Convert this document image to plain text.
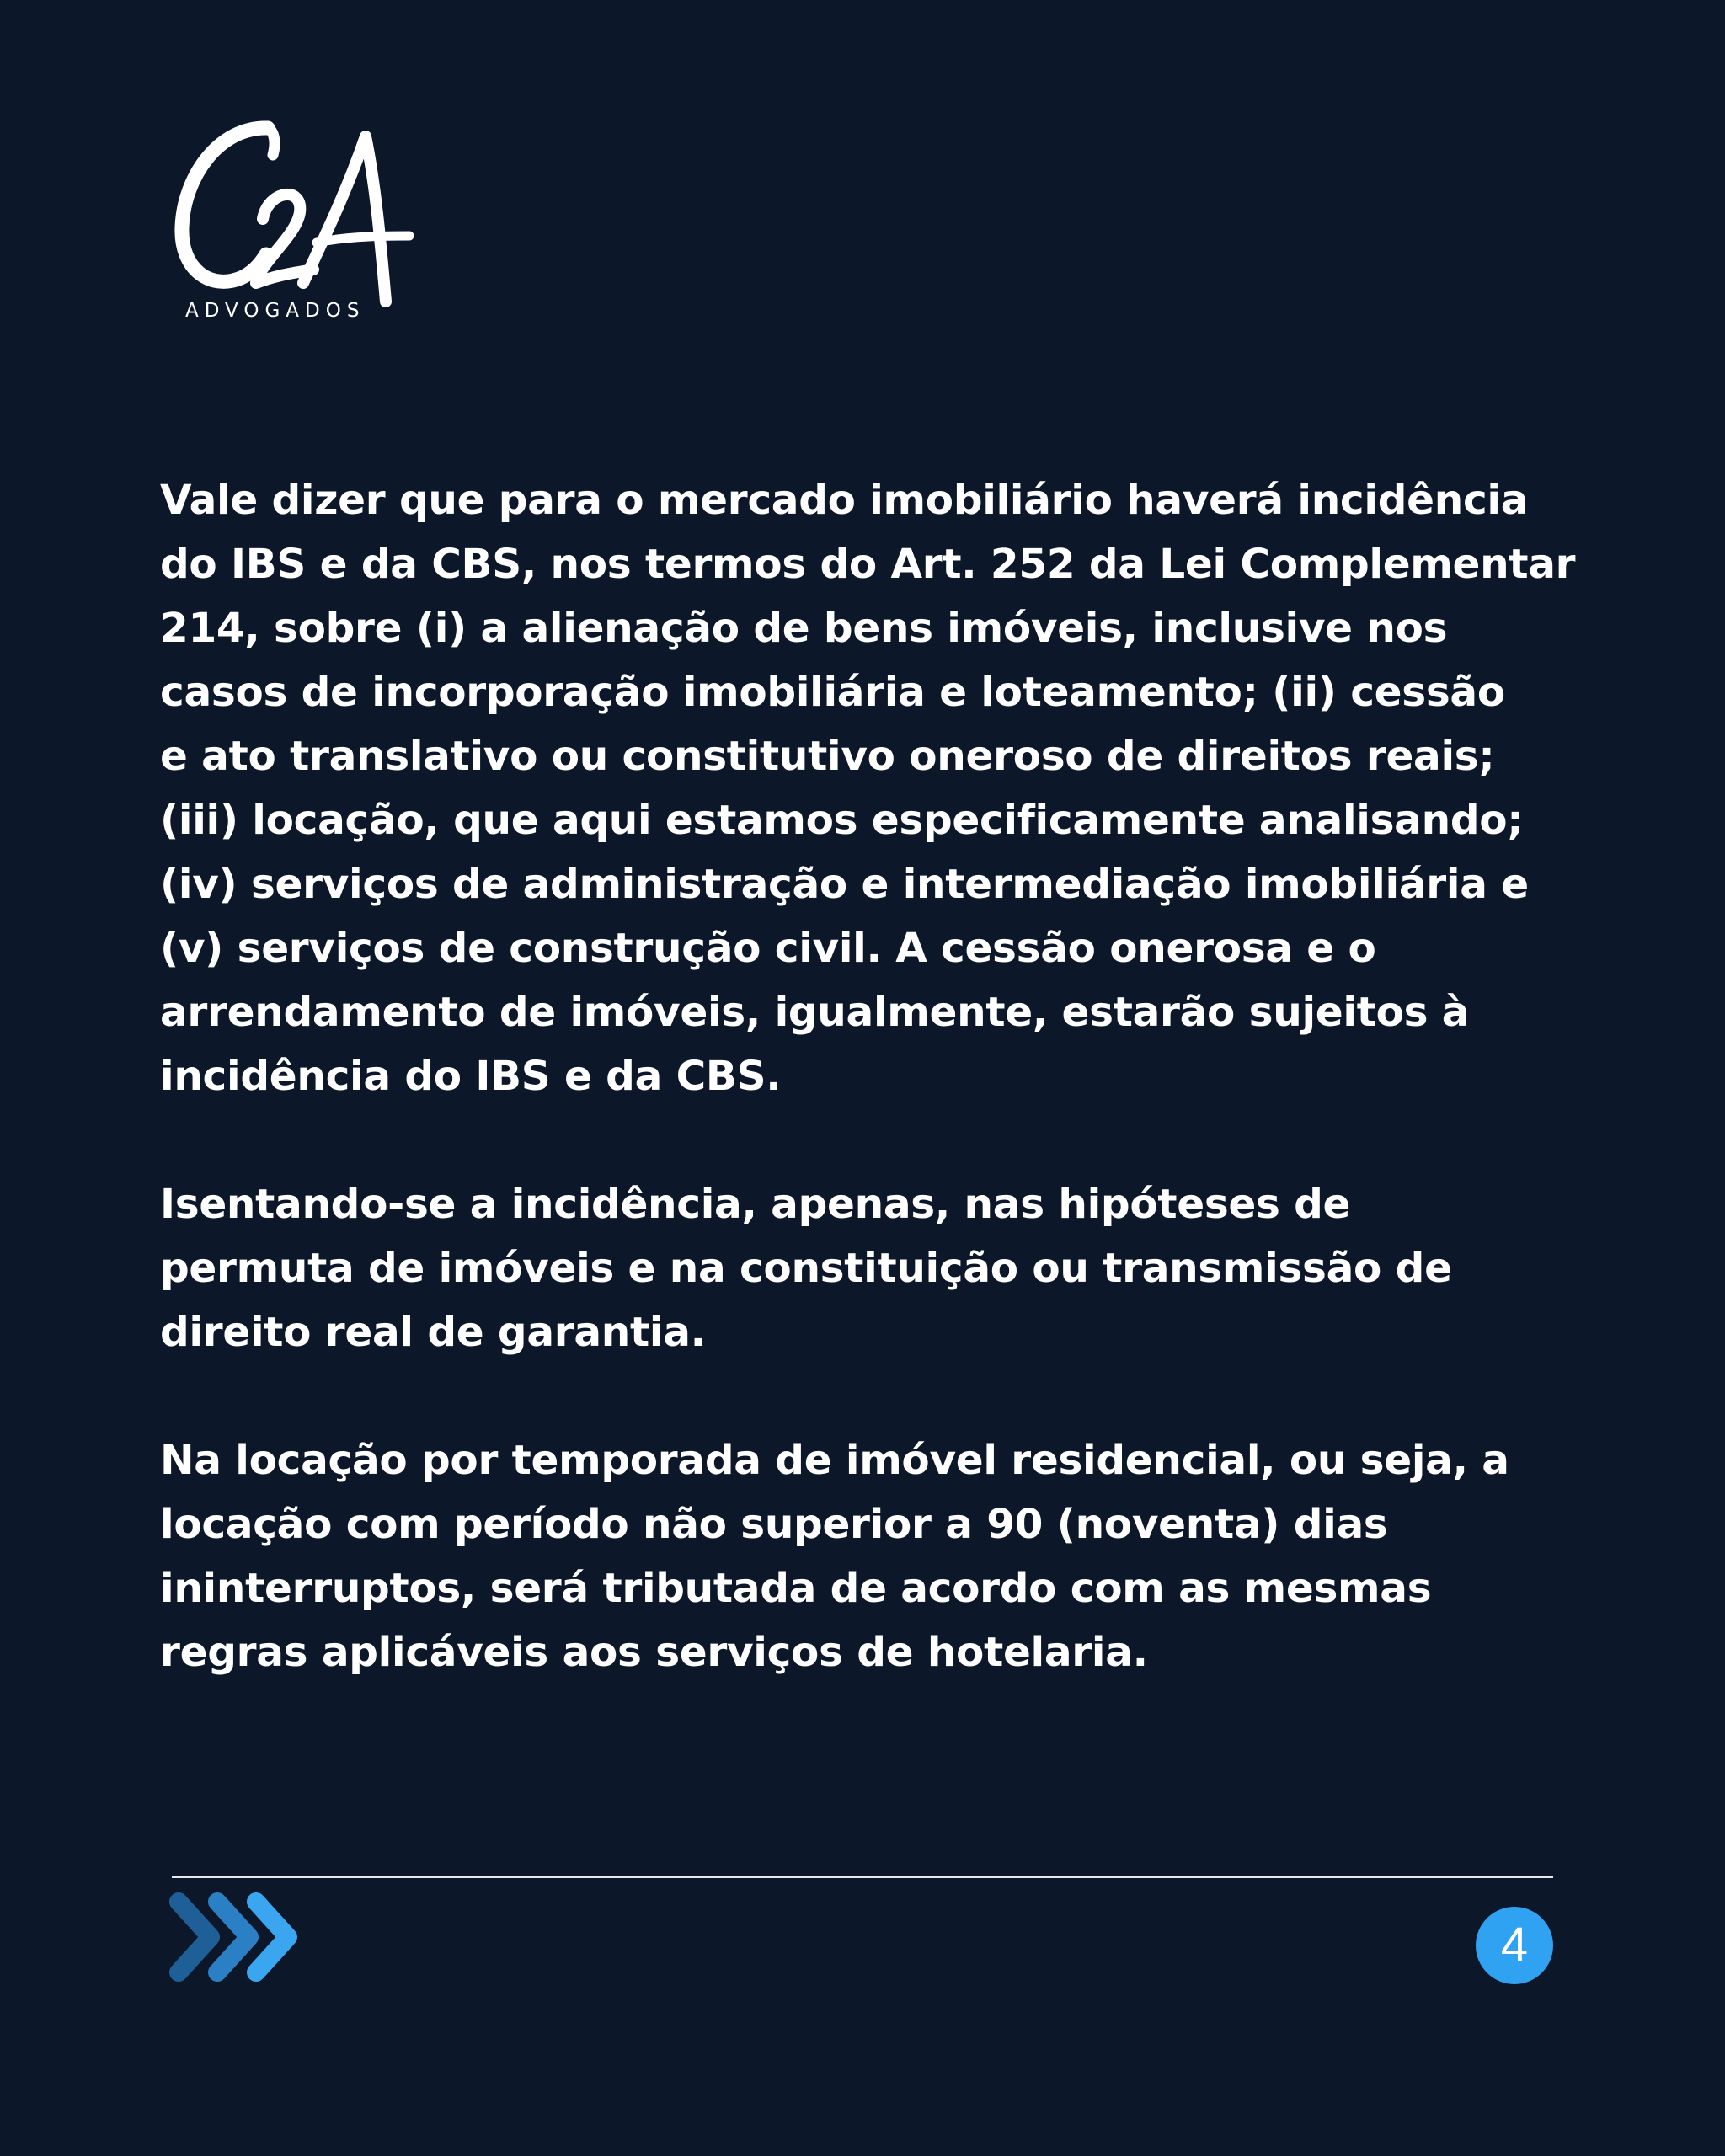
ADVOGADOS

Vale dizer que para o mercado imobiliário haverá incidência
do IBS e da CBS, nos termos do Art. 252 da Lei Complementar
214, sobre (i) a alienação de bens imóveis, inclusive nos
casos de incorporação imobiliária e loteamento; (ii) cessão
e ato translativo ou constitutivo oneroso de direitos reais;
(iii) locação, que aqui estamos especificamente analisando;
(iv) serviços de administração e intermediação imobiliária e
(v) serviços de construção civil. A cessão onerosa e o
arrendamento de imóveis, igualmente, estarão sujeitos à
incidência do IBS e da CBS.

Isentando-se a incidência, apenas, nas hipóteses de
permuta de imóveis e na constituição ou transmissão de
direito real de garantia.

Na locação por temporada de imóvel residencial, ou seja, a
locação com período não superior a 90 (noventa) dias
ininterruptos, será tributada de acordo com as mesmas
regras aplicáveis aos serviços de hotelaria.

4
